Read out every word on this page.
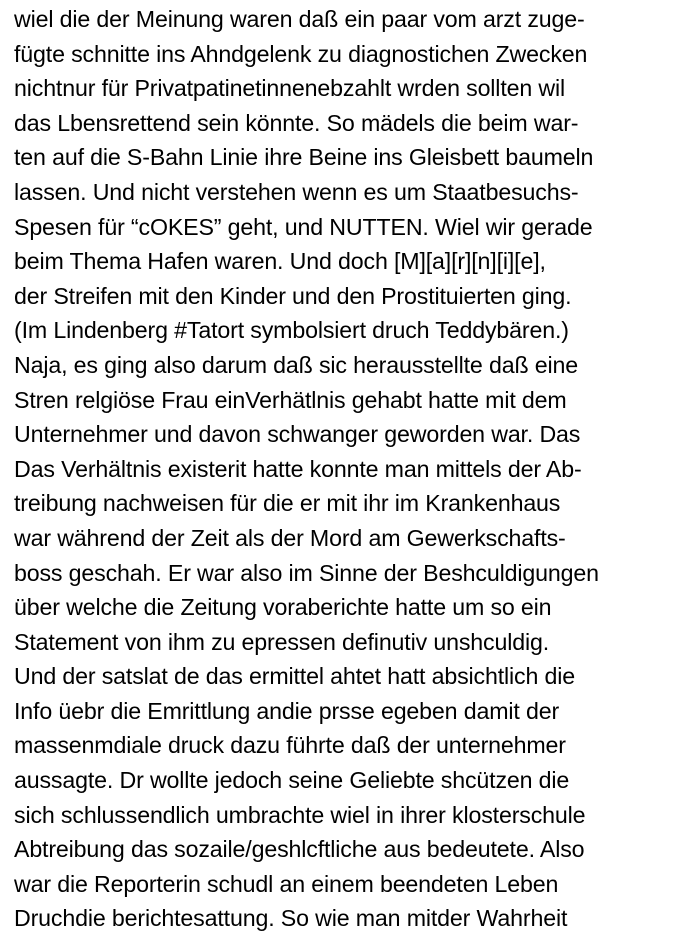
wiel die der Meinung waren daß ein paar vom arzt zuge-
fügte schnitte ins Ahndgelenk zu diagnostichen Zwecken
nichtnur für Privatpatinetinnenebzahlt wrden sollten wil
das Lbensrettend sein könnte. So mädels die beim war-
ten auf die S-Bahn Linie ihre Beine ins Gleisbett baumeln
lassen. Und nicht verstehen wenn es um Staatbesuchs-
Spesen für “cOKES” geht, und NUTTEN. Wiel wir gerade
beim Thema Hafen waren. Und doch [M][a][r][n][i][e],
der Streifen mit den Kinder und den Prostituierten ging.
(Im Lindenberg #Tatort symbolsiert druch Teddybären.)
Naja, es ging also darum daß sic herausstellte daß eine
Stren relgiöse Frau einVerhätlnis gehabt hatte mit dem
Unternehmer und davon schwanger geworden war. Das
Das Verhältnis existerit hatte konnte man mittels der Ab-
treibung nachweisen für die er mit ihr im Krankenhaus
war während der Zeit als der Mord am Gewerkschafts-
boss geschah. Er war also im Sinne der Beshculdigungen
über welche die Zeitung voraberichte hatte um so ein
Statement von ihm zu epressen definutiv unshculdig.
Und der satslat de das ermittel ahtet hatt absichtlich die
Info üebr die Emrittlung andie prsse egeben damit der
massenmdiale druck dazu führte daß der unternehmer
aussagte. Dr wollte jedoch seine Geliebte shcützen die
sich schlussendlich umbrachte wiel in ihrer klosterschule
Abtreibung das sozaile/geshlcftliche aus bedeutete. Also
war die Reporterin schudl an einem beendeten Leben
Druchdie berichtesattung. So wie man mitder Wahrheit
